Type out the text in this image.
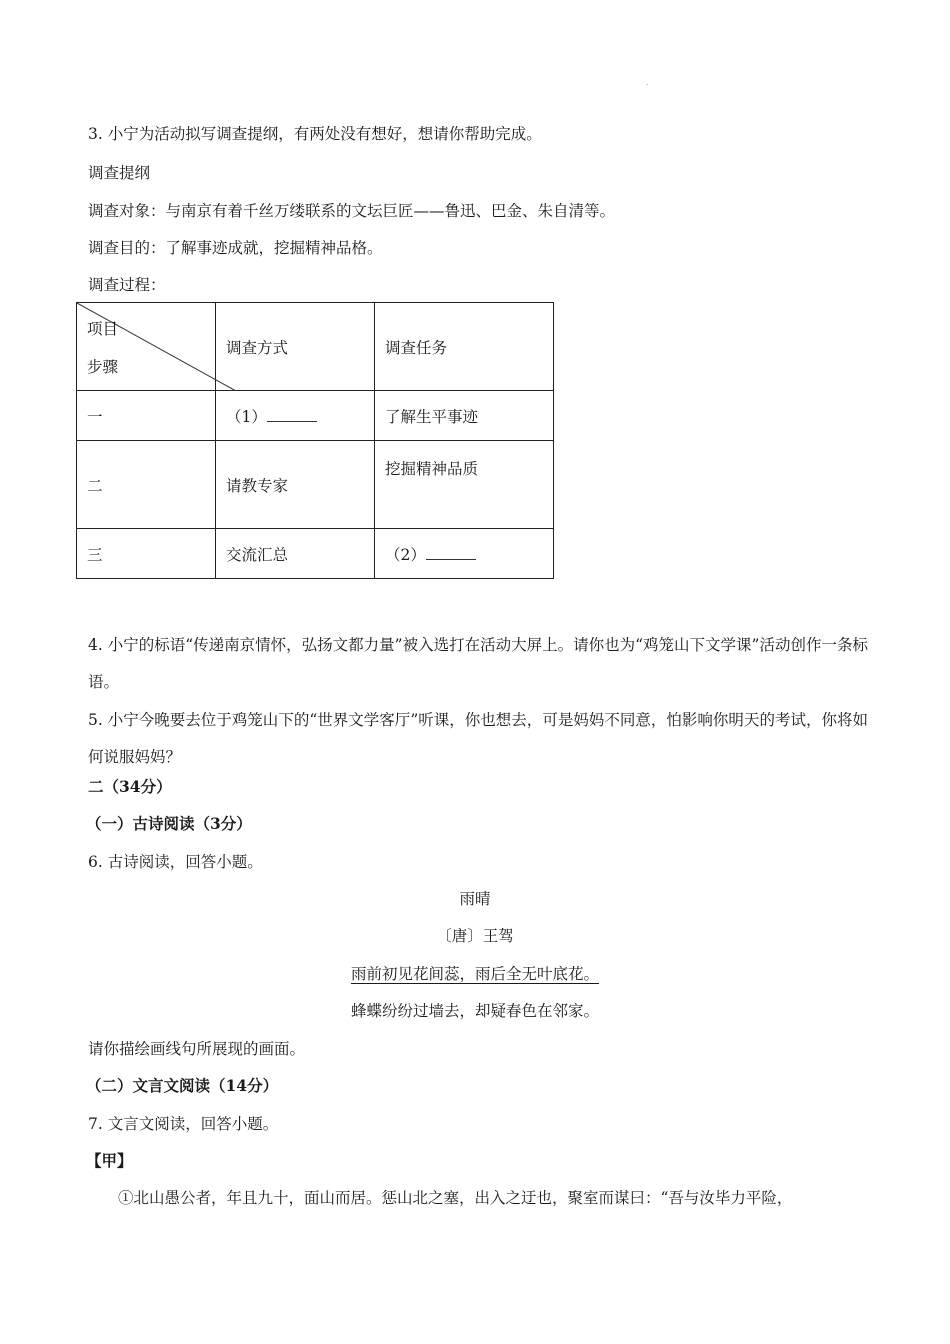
.
3. 小宁为活动拟写调查提纲，有两处没有想好，想请你帮助完成。
调查提纲
调查对象：与南京有着千丝万缕联系的文坛巨匠——鲁迅、巴金、朱自清等。
调查目的：了解事迹成就，挖掘精神品格。
调查过程：
项目
步骤	调查方式	调查任务
一	（1）	了解生平事迹
二	请教专家	挖掘精神品质
三	交流汇总	（2）
4. 小宁的标语“传递南京情怀，弘扬文都力量”被入选打在活动大屏上。请你也为“鸡笼山下文学课”活动创作一条标语。
5. 小宁今晚要去位于鸡笼山下的“世界文学客厅”听课，你也想去，可是妈妈不同意，怕影响你明天的考试，你将如何说服妈妈？
二（34分）
（一）古诗阅读（3分）
6. 古诗阅读，回答小题。
雨晴
〔唐〕王驾
雨前初见花间蕊，雨后全无叶底花。
蜂蝶纷纷过墙去，却疑春色在邻家。
请你描绘画线句所展现的画面。
（二）文言文阅读（14分）
7. 文言文阅读，回答小题。
【甲】
①北山愚公者，年且九十，面山而居。惩山北之塞，出入之迂也，聚室而谋曰：“吾与汝毕力平险，
